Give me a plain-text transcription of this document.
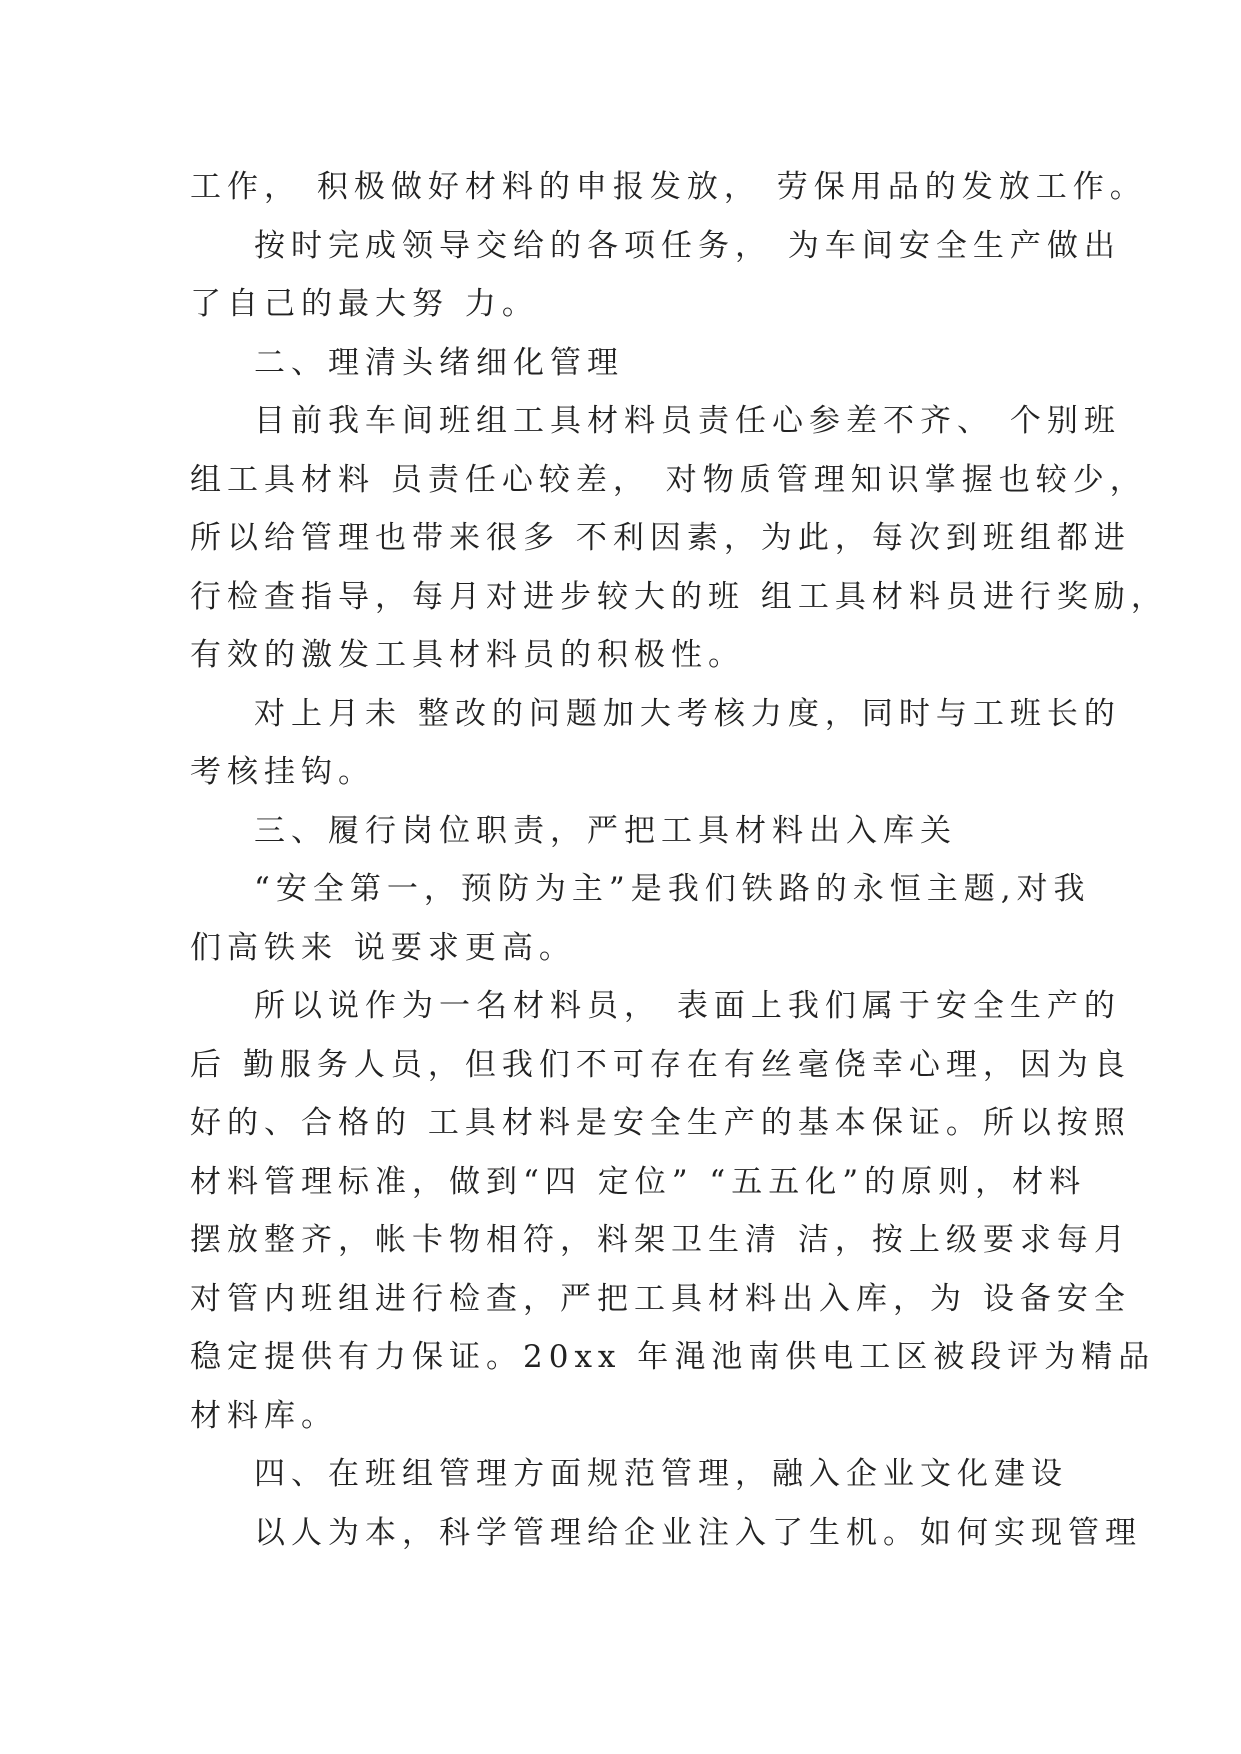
工作， 积极做好材料的申报发放， 劳保用品的发放工作。
按时完成领导交给的各项任务， 为车间安全生产做出
了自己的最大努 力。
二、理清头绪细化管理
目前我车间班组工具材料员责任心参差不齐、 个别班
组工具材料 员责任心较差， 对物质管理知识掌握也较少，
所以给管理也带来很多 不利因素，为此，每次到班组都进
行检查指导，每月对进步较大的班 组工具材料员进行奖励，
有效的激发工具材料员的积极性。
对上月未 整改的问题加大考核力度，同时与工班长的
考核挂钩。
三、履行岗位职责，严把工具材料出入库关
“安全第一，预防为主”是我们铁路的永恒主题,对我
们高铁来 说要求更高。
所以说作为一名材料员， 表面上我们属于安全生产的
后 勤服务人员，但我们不可存在有丝毫侥幸心理，因为良
好的、合格的 工具材料是安全生产的基本保证。所以按照
材料管理标准，做到“四 定位” “五五化”的原则，材料
摆放整齐，帐卡物相符，料架卫生清 洁，按上级要求每月
对管内班组进行检查，严把工具材料出入库，为 设备安全
稳定提供有力保证。20xx 年渑池南供电工区被段评为精品
材料库。
四、在班组管理方面规范管理，融入企业文化建设
以人为本，科学管理给企业注入了生机。如何实现管理
